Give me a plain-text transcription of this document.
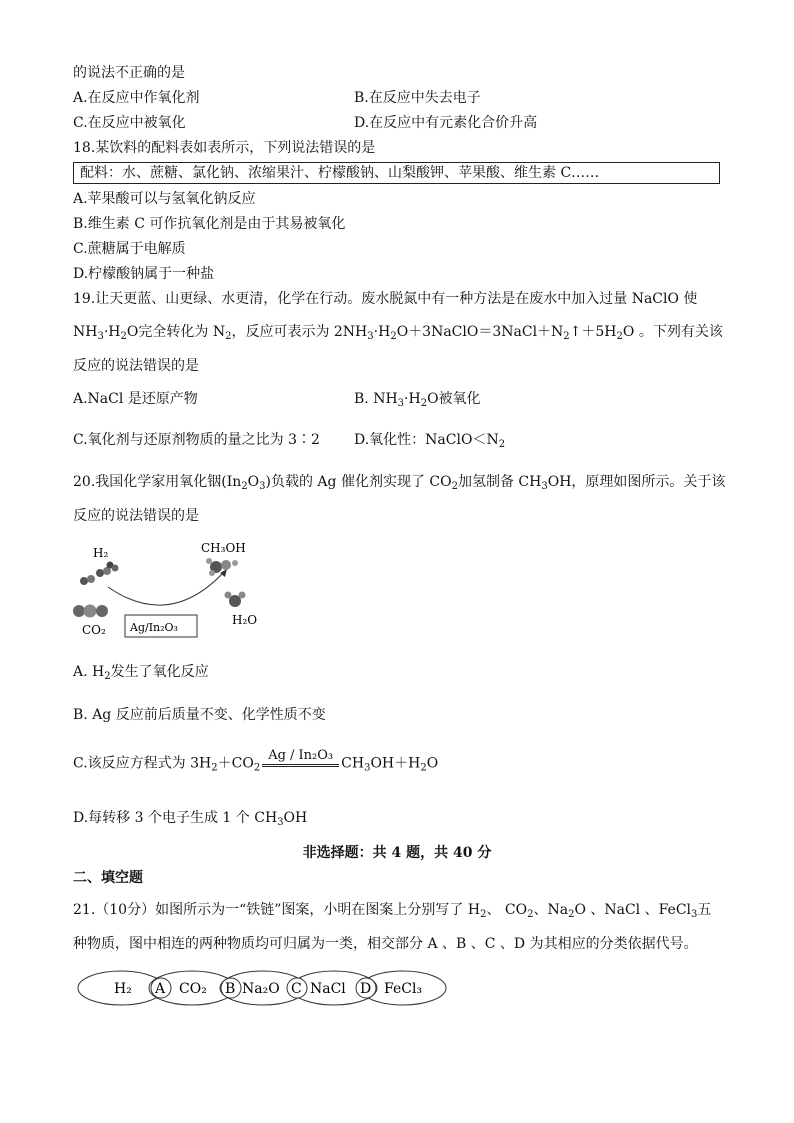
的说法不正确的是
A.在反应中作氧化剂	B.在反应中失去电子
C.在反应中被氧化	D.在反应中有元素化合价升高
18.某饮料的配料表如表所示，下列说法错误的是
配料：水、蔗糖、氯化钠、浓缩果汁、柠檬酸钠、山梨酸钾、苹果酸、维生素 C……
A.苹果酸可以与氢氧化钠反应
B.维生素 C 可作抗氧化剂是由于其易被氧化
C.蔗糖属于电解质
D.柠檬酸钠属于一种盐
19.让天更蓝、山更绿、水更清，化学在行动。废水脱氮中有一种方法是在废水中加入过量 NaClO 使
$NH_3\cdot H_2O$完全转化为 $N_2$，反应可表示为 $2NH_3\cdot H_2O+3NaClO=3NaCl+N_2↑+5H_2O$ 。下列有关该
反应的说法错误的是
A.NaCl 是还原产物	B. $NH_3\cdot H_2O$被氧化
C.氧化剂与还原剂物质的量之比为 3∶2 D.氧化性：$NaClO<N_2$
20.我国化学家用氧化铟$(In_2O_3)$负载的 Ag 催化剂实现了 $CO_2$加氢制备 $CH_3OH$，原理如图所示。关于该
反应的说法错误的是
H₂
CO₂ Ag/In₂O₃
CH₃OH
H₂O
A. $H_2$发生了氧化反应
B. Ag 反应前后质量不变、化学性质不变
C.该反应方程式为 $3H_2+CO_2$
Ag / In₂O₃ $CH_3OH+H_2O$
D.每转移 3 个电子生成 1 个 $CH_3OH$
非选择题：共 4 题，共 40 分
二、填空题
21.（10分）如图所示为一“铁链”图案，小明在图案上分别写了 $H_2$、 $CO_2$、$Na_2O$ 、NaCl 、FeCl$_3$五
种物质，图中相连的两种物质均可归属为一类，相交部分 A 、B 、C 、D 为其相应的分类依据代号。
H₂ A CO₂ B Na₂O C NaCl D FeCl₃
